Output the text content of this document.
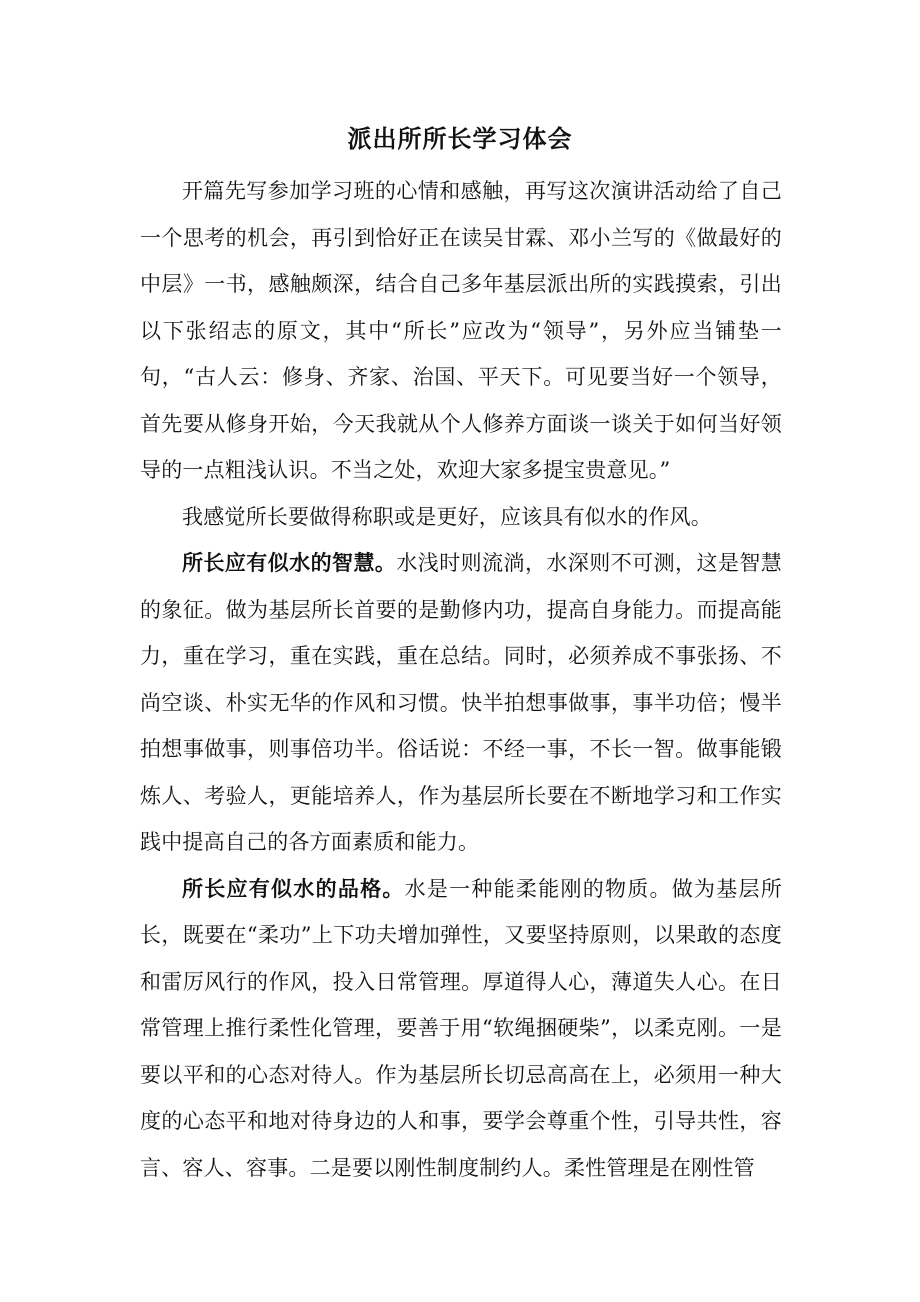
派出所所长学习体会

开篇先写参加学习班的心情和感触，再写这次演讲活动给了自己一个思考的机会，再引到恰好正在读吴甘霖、邓小兰写的《做最好的中层》一书，感触颇深，结合自己多年基层派出所的实践摸索，引出以下张绍志的原文，其中“所长”应改为“领导”，另外应当铺垫一句，“古人云：修身、齐家、治国、平天下。可见要当好一个领导，首先要从修身开始，今天我就从个人修养方面谈一谈关于如何当好领导的一点粗浅认识。不当之处，欢迎大家多提宝贵意见。”

我感觉所长要做得称职或是更好，应该具有似水的作风。

所长应有似水的智慧。水浅时则流淌，水深则不可测，这是智慧的象征。做为基层所长首要的是勤修内功，提高自身能力。而提高能力，重在学习，重在实践，重在总结。同时，必须养成不事张扬、不尚空谈、朴实无华的作风和习惯。快半拍想事做事，事半功倍；慢半拍想事做事，则事倍功半。俗话说：不经一事，不长一智。做事能锻炼人、考验人，更能培养人，作为基层所长要在不断地学习和工作实践中提高自己的各方面素质和能力。

所长应有似水的品格。水是一种能柔能刚的物质。做为基层所长，既要在“柔功”上下功夫增加弹性，又要坚持原则，以果敢的态度和雷厉风行的作风，投入日常管理。厚道得人心，薄道失人心。在日常管理上推行柔性化管理，要善于用“软绳捆硬柴”，以柔克刚。一是要以平和的心态对待人。作为基层所长切忌高高在上，必须用一种大度的心态平和地对待身边的人和事，要学会尊重个性，引导共性，容言、容人、容事。二是要以刚性制度制约人。柔性管理是在刚性管
